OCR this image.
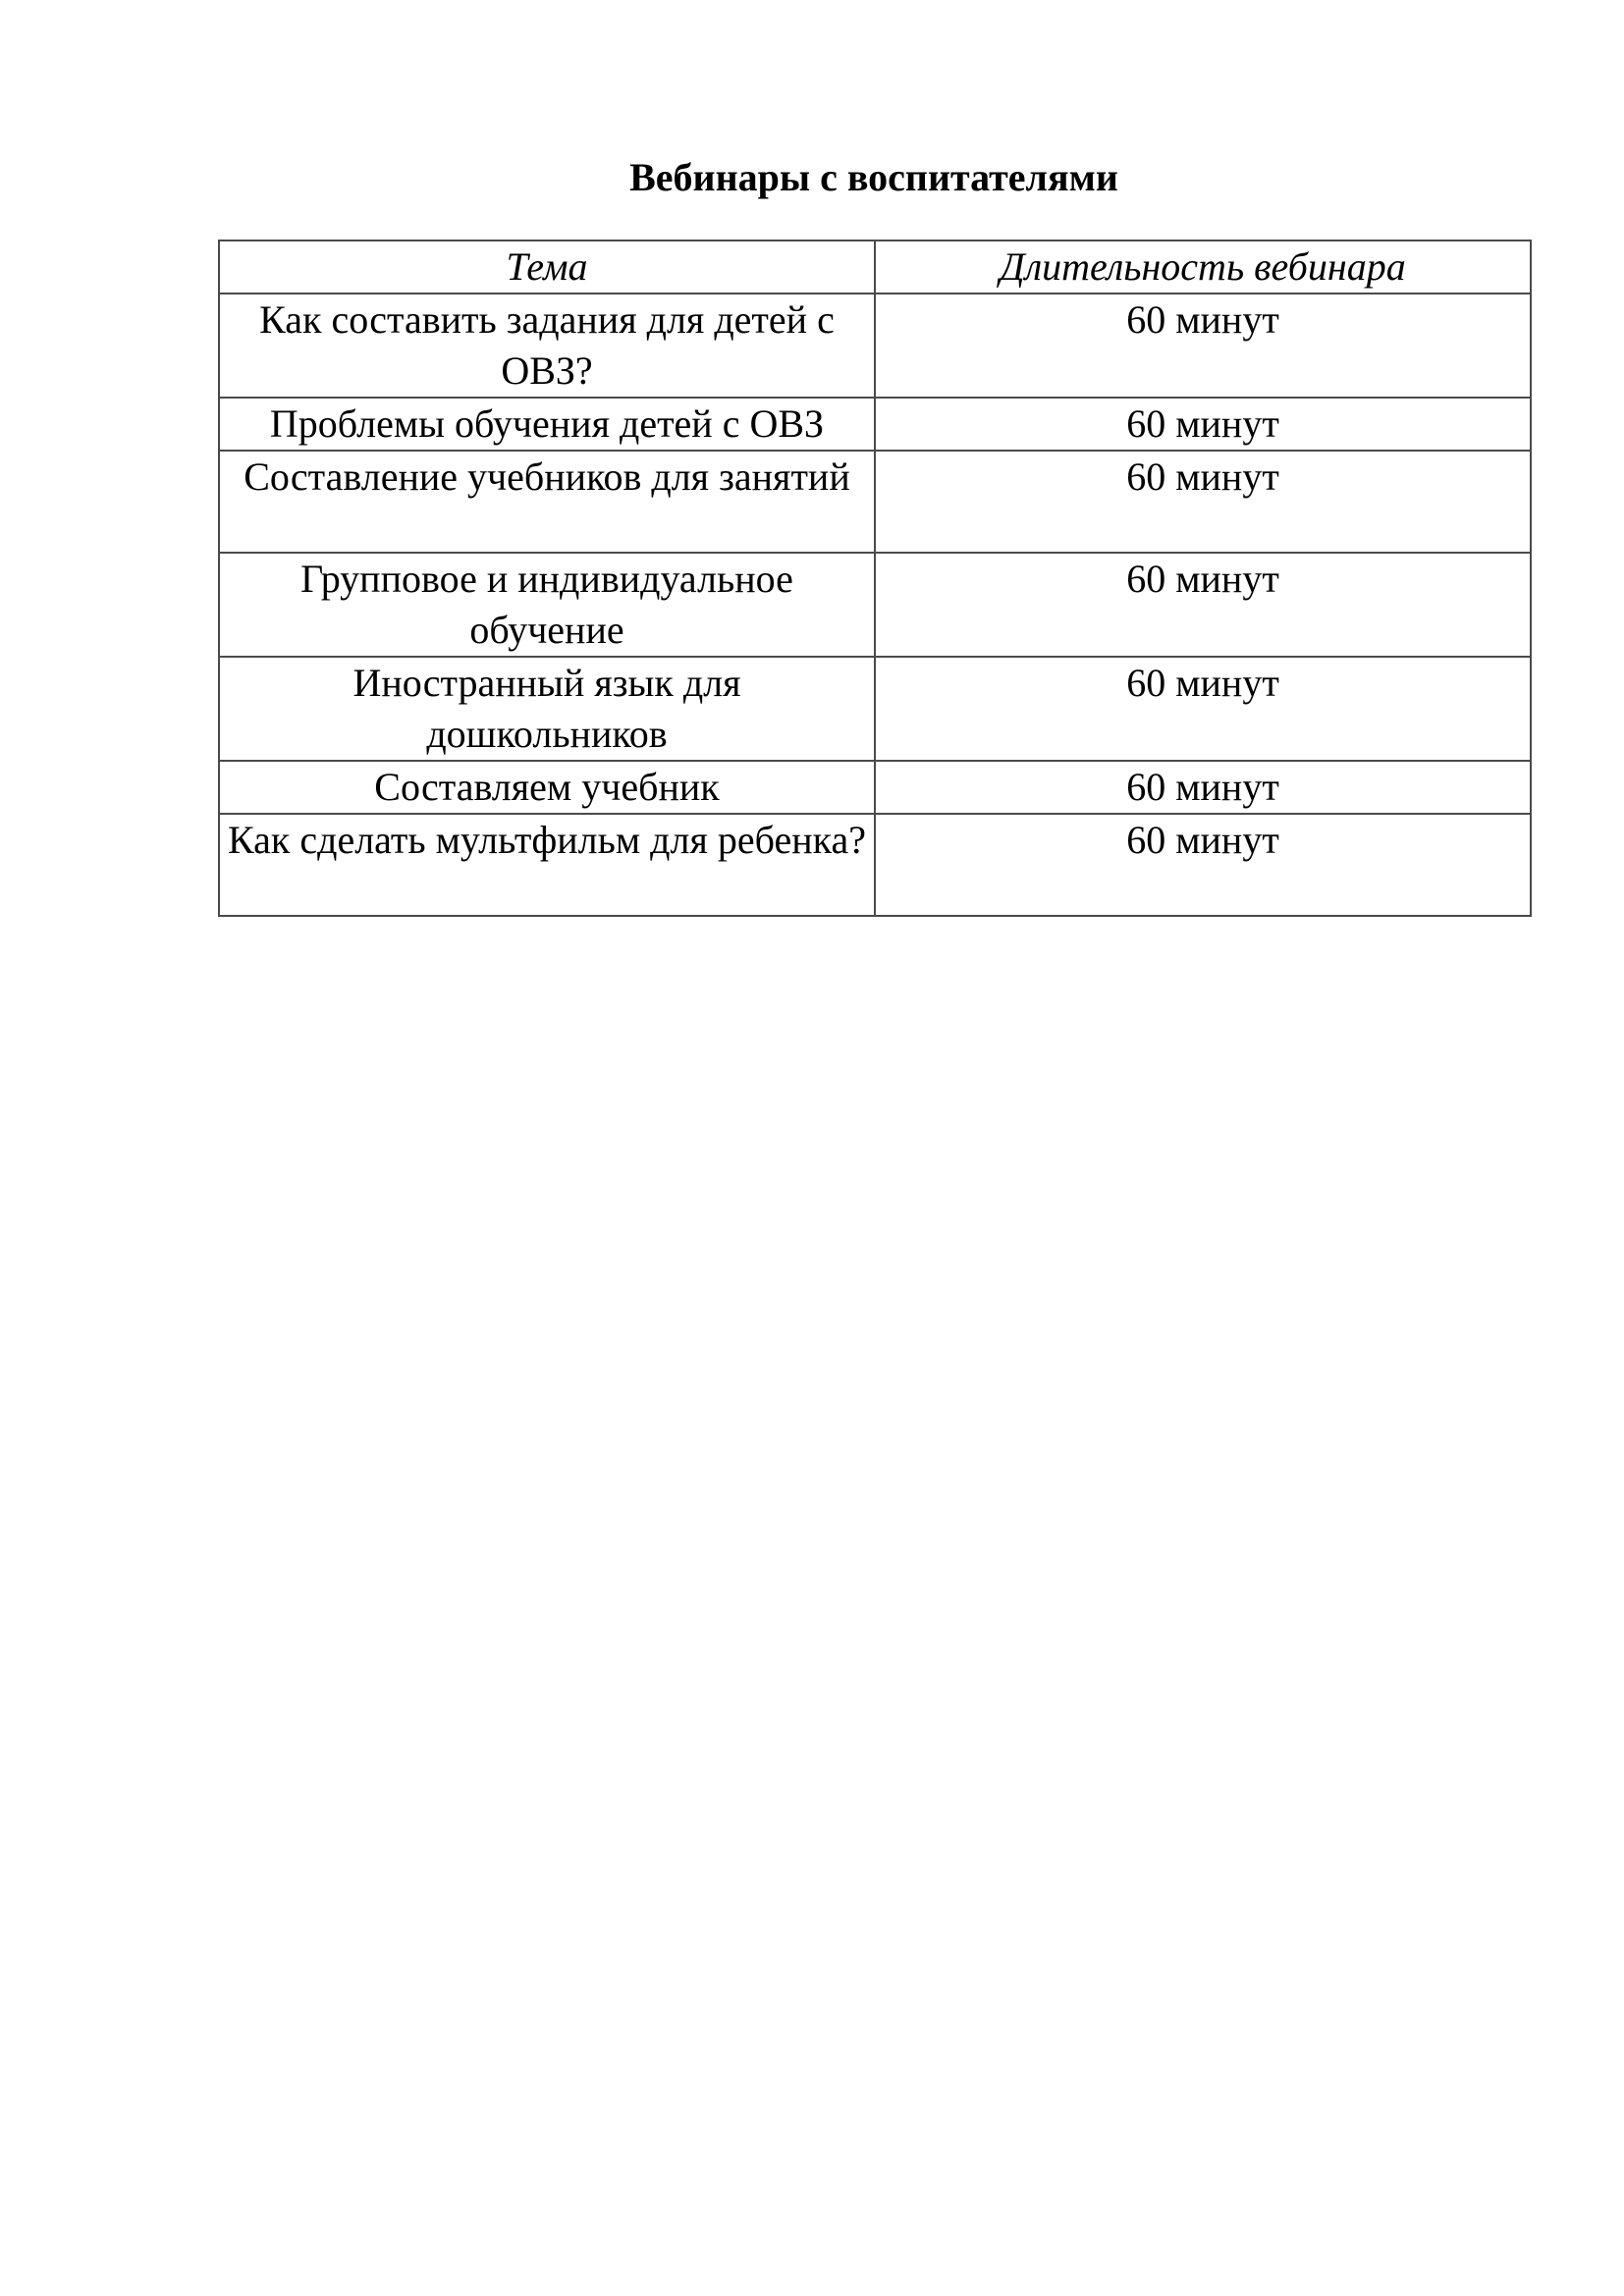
Вебинары с воспитателями
Тема	Длительность вебинара
Как составить задания для детей с ОВЗ?	60 минут
Проблемы обучения детей с ОВЗ	60 минут
Составление учебников для занятий	60 минут
Групповое и индивидуальное обучение	60 минут
Иностранный язык для дошкольников	60 минут
Составляем учебник	60 минут
Как сделать мультфильм для ребенка?	60 минут
